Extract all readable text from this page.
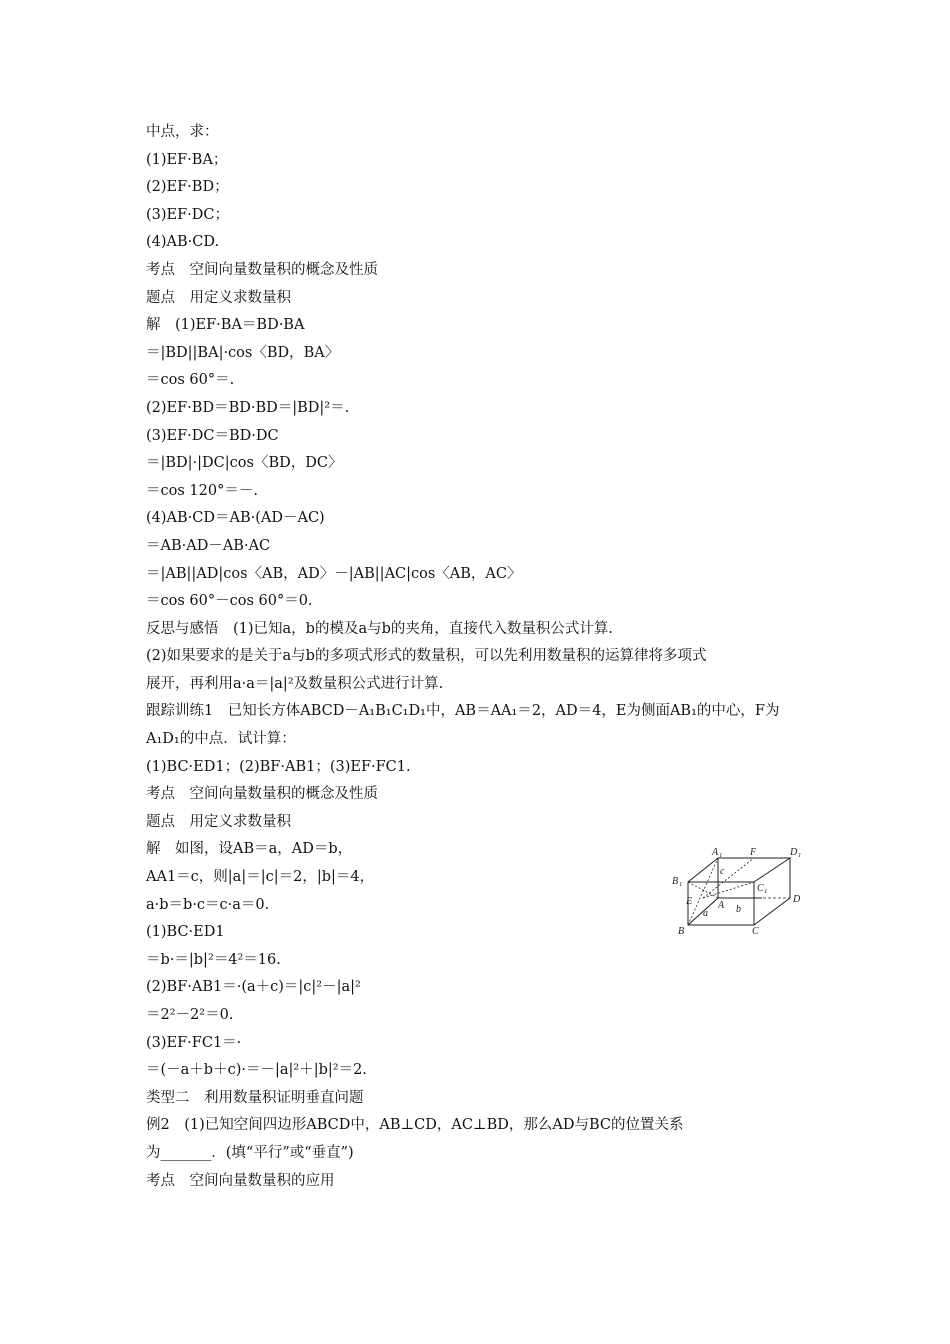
中点，求：
(1)EF·BA；
(2)EF·BD；
(3)EF·DC；
(4)AB·CD.
考点　空间向量数量积的概念及性质
题点　用定义求数量积
解　(1)EF·BA＝BD·BA
＝|BD||BA|·cos〈BD，BA〉
＝cos 60°＝.
(2)EF·BD＝BD·BD＝|BD|²＝.
(3)EF·DC＝BD·DC
＝|BD|·|DC|cos〈BD，DC〉
＝cos 120°＝－.
(4)AB·CD＝AB·(AD－AC)
＝AB·AD－AB·AC
＝|AB||AD|cos〈AB，AD〉－|AB||AC|cos〈AB，AC〉
＝cos 60°－cos 60°＝0.
反思与感悟　(1)已知a，b的模及a与b的夹角，直接代入数量积公式计算.
(2)如果要求的是关于a与b的多项式形式的数量积，可以先利用数量积的运算律将多项式
展开，再利用a·a＝|a|²及数量积公式进行计算.
跟踪训练1　已知长方体ABCD－A₁B₁C₁D₁中，AB＝AA₁＝2，AD＝4，E为侧面AB₁的中心，F为
A₁D₁的中点．试计算：
(1)BC·ED1；(2)BF·AB1；(3)EF·FC1.
考点　空间向量数量积的概念及性质
题点　用定义求数量积
解　如图，设AB＝a，AD＝b，
AA1＝c，则|a|＝|c|＝2，|b|＝4，
a·b＝b·c＝c·a＝0.
(1)BC·ED1
＝b·＝|b|²＝4²＝16.
(2)BF·AB1＝·(a＋c)＝|c|²－|a|²
＝2²－2²＝0.
(3)EF·FC1＝·
＝(－a＋b＋c)·＝－|a|²＋|b|²＝2.
类型二　利用数量积证明垂直问题
例2　(1)已知空间四边形ABCD中，AB⊥CD，AC⊥BD，那么AD与BC的位置关系
为_______．(填“平行”或“垂直”)
考点　空间向量数量积的应用
A 1	F	D 1
B 1	C 1
c
E	A
a	b
D
B	C
